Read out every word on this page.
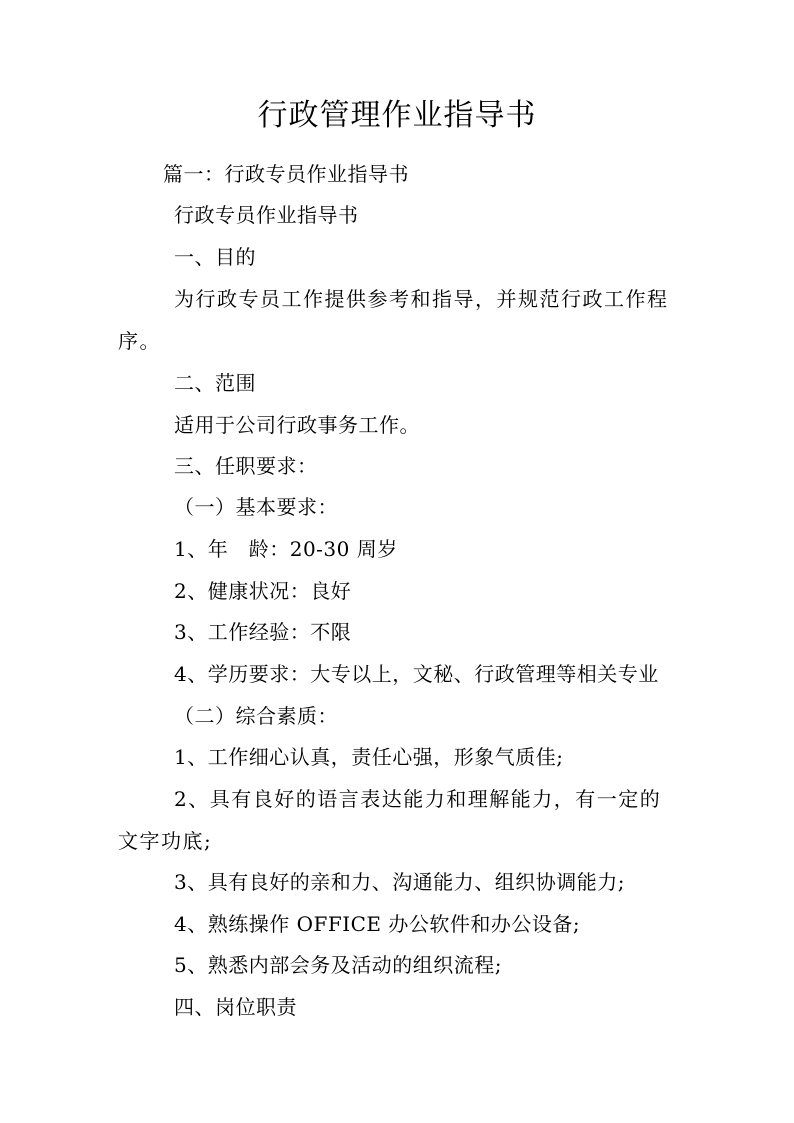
行政管理作业指导书
篇一：行政专员作业指导书
行政专员作业指导书
一、目的
为行政专员工作提供参考和指导，并规范行政工作程序。
二、范围
适用于公司行政事务工作。
三、任职要求：
（一）基本要求：
1、年　龄：20-30 周岁
2、健康状况：良好
3、工作经验：不限
4、学历要求：大专以上，文秘、行政管理等相关专业
（二）综合素质：
1、工作细心认真，责任心强，形象气质佳;
2、具有良好的语言表达能力和理解能力，有一定的文字功底;
3、具有良好的亲和力、沟通能力、组织协调能力;
4、熟练操作 OFFICE 办公软件和办公设备;
5、熟悉内部会务及活动的组织流程;
四、岗位职责
